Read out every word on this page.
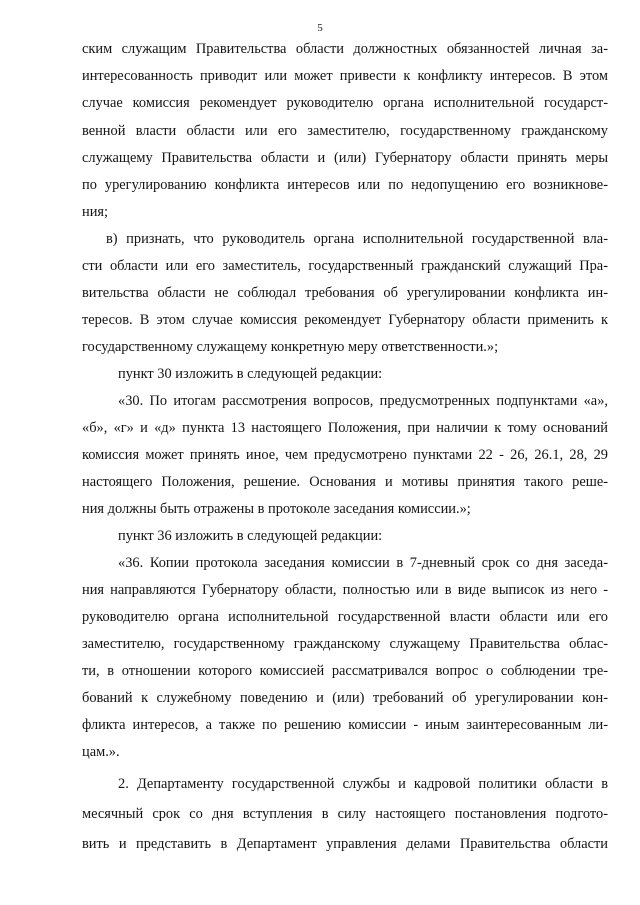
5
ским служащим Правительства области должностных обязанностей личная за-
интересованность приводит или может привести к конфликту интересов. В этом
случае комиссия рекомендует руководителю органа исполнительной государст-
венной власти области или его заместителю, государственному гражданскому
служащему Правительства области и (или) Губернатору области принять меры
по урегулированию конфликта интересов или по недопущению его возникнове-
ния;
в) признать, что руководитель органа исполнительной государственной вла-
сти области или его заместитель, государственный гражданский служащий Пра-
вительства области не соблюдал требования об урегулировании конфликта ин-
тересов. В этом случае комиссия рекомендует Губернатору области применить к
государственному служащему конкретную меру ответственности.»;
пункт 30 изложить в следующей редакции:
«30. По итогам рассмотрения вопросов, предусмотренных подпунктами «а»,
«б», «г» и «д» пункта 13 настоящего Положения, при наличии к тому оснований
комиссия может принять иное, чем предусмотрено пунктами 22 - 26, 26.1, 28, 29
настоящего Положения, решение. Основания и мотивы принятия такого реше-
ния должны быть отражены в протоколе заседания комиссии.»;
пункт 36 изложить в следующей редакции:
«36. Копии протокола заседания комиссии в 7-дневный срок со дня заседа-
ния направляются Губернатору области, полностью или в виде выписок из него -
руководителю органа исполнительной государственной власти области или его
заместителю, государственному гражданскому служащему Правительства облас-
ти, в отношении которого комиссией рассматривался вопрос о соблюдении тре-
бований к служебному поведению и (или) требований об урегулировании кон-
фликта интересов, а также по решению комиссии - иным заинтересованным ли-
цам.».
2. Департаменту государственной службы и кадровой политики области в
месячный срок со дня вступления в силу настоящего постановления подгото-
вить и представить в Департамент управления делами Правительства области
